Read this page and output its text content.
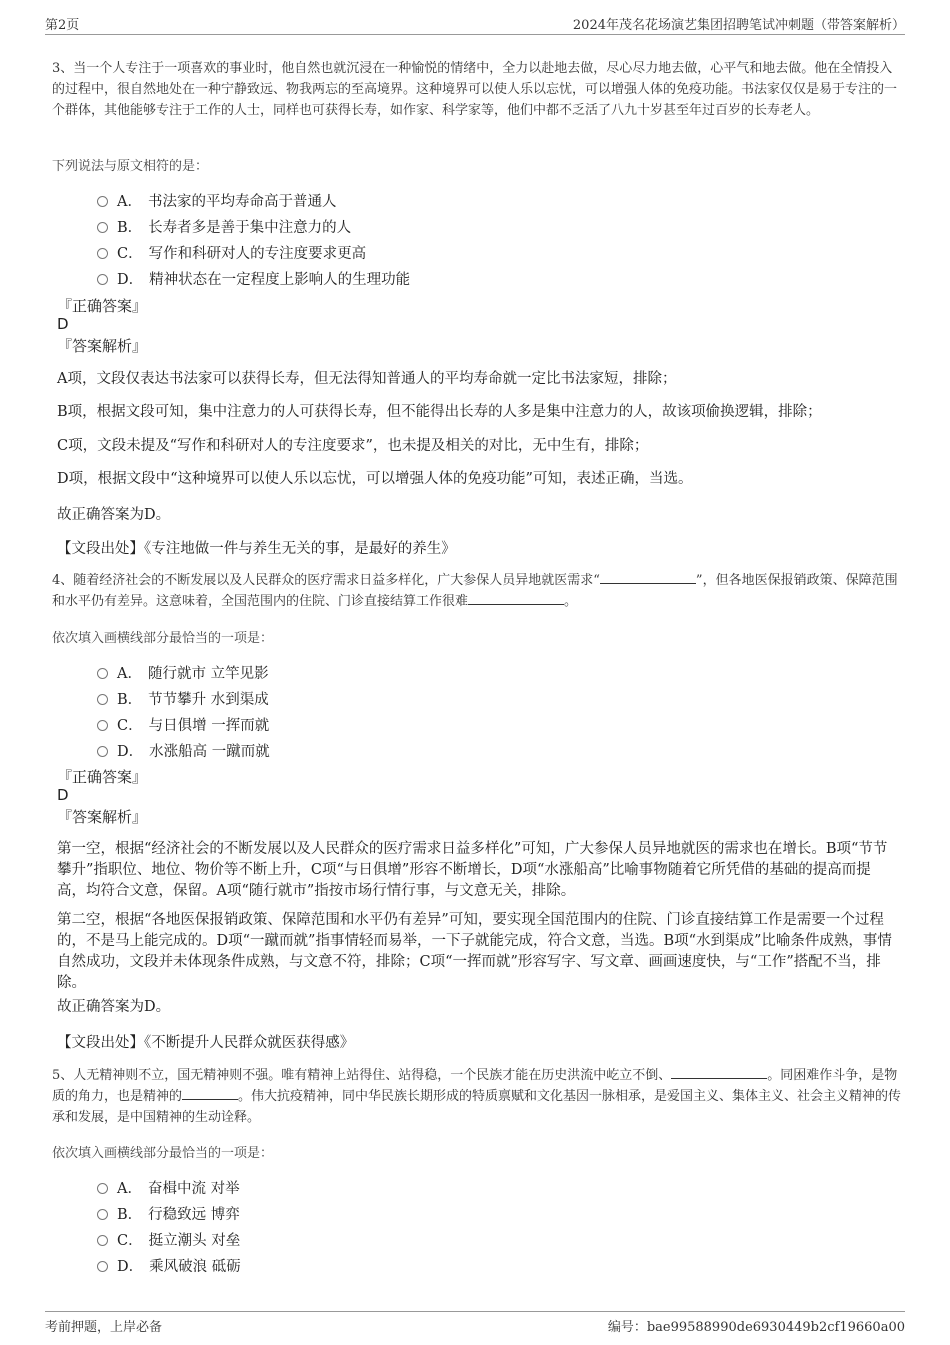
第2页	2024年茂名花场演艺集团招聘笔试冲刺题（带答案解析）
3、当一个人专注于一项喜欢的事业时，他自然也就沉浸在一种愉悦的情绪中，全力以赴地去做，尽心尽力地去做，心平气和地去做。他在全情投入的过程中，很自然地处在一种宁静致远、物我两忘的至高境界。这种境界可以使人乐以忘忧，可以增强人体的免疫功能。书法家仅仅是易于专注的一个群体，其他能够专注于工作的人士，同样也可获得长寿，如作家、科学家等，他们中都不乏活了八九十岁甚至年过百岁的长寿老人。
下列说法与原文相符的是：
A． 书法家的平均寿命高于普通人
B． 长寿者多是善于集中注意力的人
C． 写作和科研对人的专注度要求更高
D． 精神状态在一定程度上影响人的生理功能
『正确答案』
D
『答案解析』
A项，文段仅表达书法家可以获得长寿，但无法得知普通人的平均寿命就一定比书法家短，排除；
B项，根据文段可知，集中注意力的人可获得长寿，但不能得出长寿的人多是集中注意力的人，故该项偷换逻辑，排除；
C项，文段未提及“写作和科研对人的专注度要求”，也未提及相关的对比，无中生有，排除；
D项，根据文段中“这种境界可以使人乐以忘忧，可以增强人体的免疫功能”可知，表述正确，当选。
故正确答案为D。
【文段出处】《专注地做一件与养生无关的事，是最好的养生》
4、随着经济社会的不断发展以及人民群众的医疗需求日益多样化，广大参保人员异地就医需求“	”，但各地医保报销政策、保障范围和水平仍有差异。这意味着，全国范围内的住院、门诊直接结算工作很难	。
依次填入画横线部分最恰当的一项是：
A． 随行就市 立竿见影
B． 节节攀升 水到渠成
C． 与日俱增 一挥而就
D． 水涨船高 一蹴而就
『正确答案』
D
『答案解析』
第一空，根据“经济社会的不断发展以及人民群众的医疗需求日益多样化”可知，广大参保人员异地就医的需求也在增长。B项“节节攀升”指职位、地位、物价等不断上升，C项“与日俱增”形容不断增长，D项“水涨船高”比喻事物随着它所凭借的基础的提高而提高，均符合文意，保留。A项“随行就市”指按市场行情行事，与文意无关，排除。
第二空，根据“各地医保报销政策、保障范围和水平仍有差异”可知，要实现全国范围内的住院、门诊直接结算工作是需要一个过程的，不是马上能完成的。D项“一蹴而就”指事情轻而易举，一下子就能完成，符合文意，当选。B项“水到渠成”比喻条件成熟，事情自然成功，文段并未体现条件成熟，与文意不符，排除；C项“一挥而就”形容写字、写文章、画画速度快，与“工作”搭配不当，排除。
故正确答案为D。
【文段出处】《不断提升人民群众就医获得感》
5、人无精神则不立，国无精神则不强。唯有精神上站得住、站得稳，一个民族才能在历史洪流中屹立不倒、	。同困难作斗争，是物质的角力，也是精神的	。伟大抗疫精神，同中华民族长期形成的特质禀赋和文化基因一脉相承，是爱国主义、集体主义、社会主义精神的传承和发展，是中国精神的生动诠释。
依次填入画横线部分最恰当的一项是：
A． 奋楫中流 对举
B． 行稳致远 博弈
C． 挺立潮头 对垒
D． 乘风破浪 砥砺
考前押题，上岸必备	编号：bae99588990de6930449b2cf19660a00
